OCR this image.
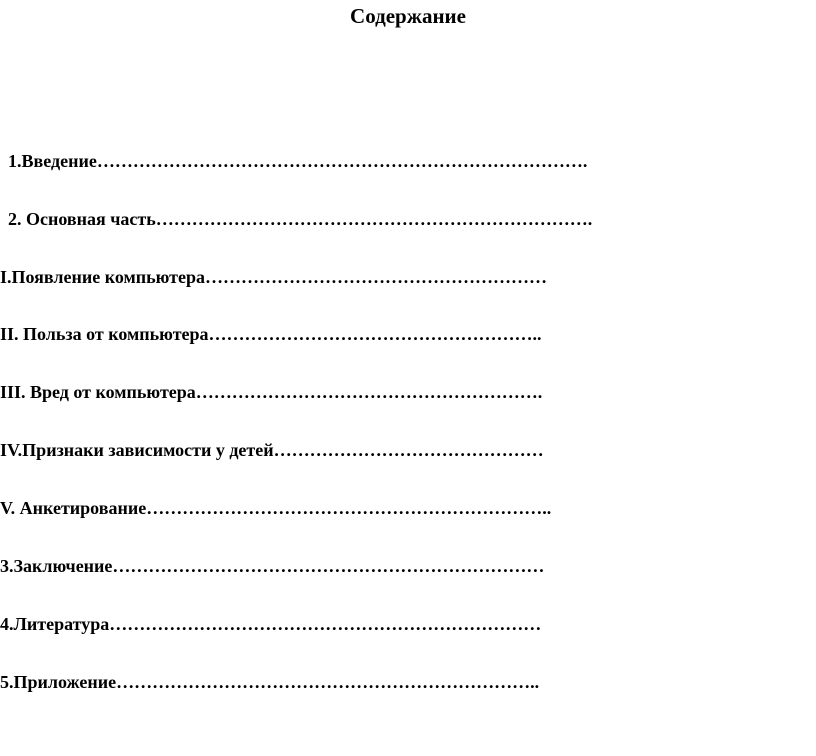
Содержание
1.Введение……………………………………………………………………….
2. Основная часть……………………………………………………………….
I.Появление компьютера…………………………………………………
II. Польза от компьютера………………………………………………..
III. Вред от компьютера………………………………………………….
IV.Признаки зависимости у детей………………………………………
V. Анкетирование…………………………………………………………..
3.Заключение………………………………………………………………
4.Литература………………………………………………………………
5.Приложение……………………………………………………………..
